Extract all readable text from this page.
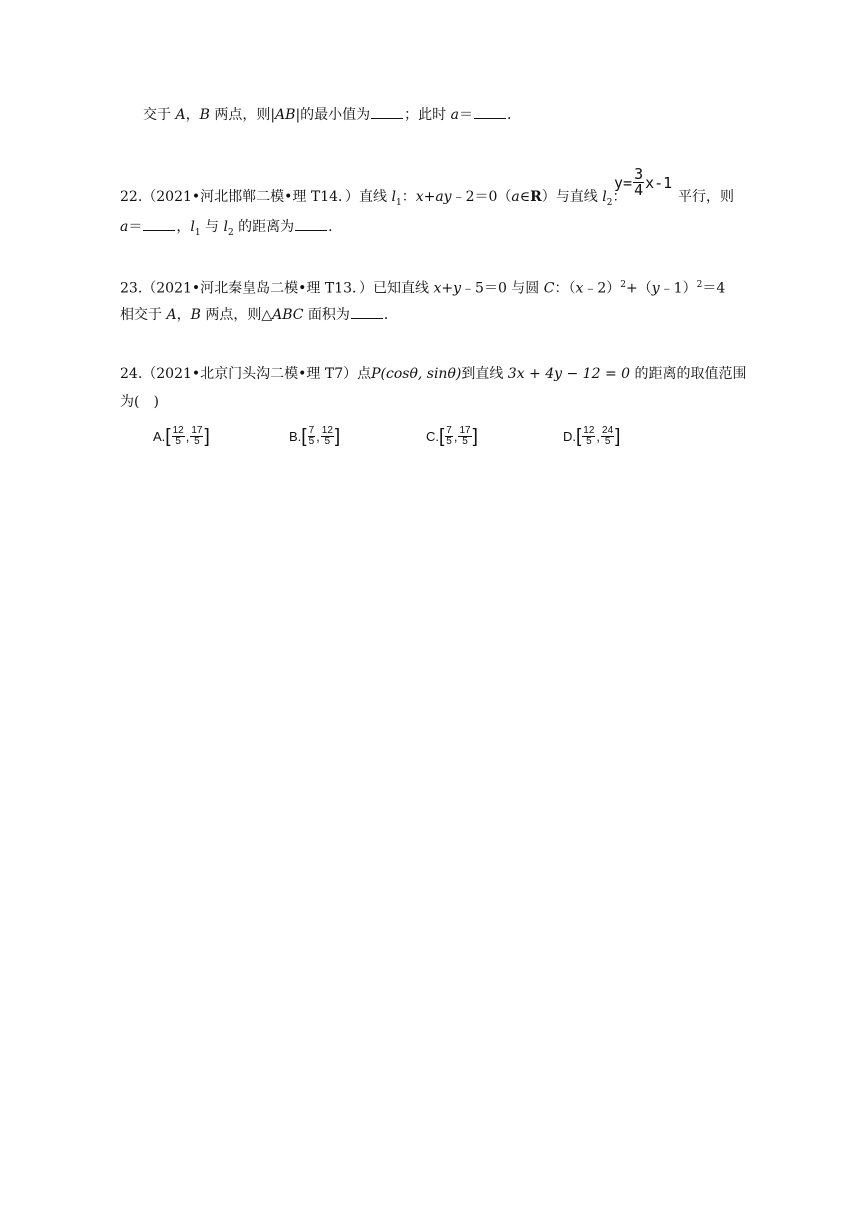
交于 A，B 两点，则|AB|的最小值为 ；此时 a＝ ．
22.（2021•河北邯郸二模•理 T14．）直线 $l_1$：x+ay﹣2＝0（a∈R）与直线 $l_2$：
$y= \frac{3}{4} x-1$
平行，则
a＝ ，$l_1$ 与 $l_2$ 的距离为 ．
23.（2021•河北秦皇岛二模•理 T13．）已知直线 x+y﹣5＝0 与圆 C：（x﹣2）$^2$+（y﹣1）$^2$＝4
相交于 A，B 两点，则△ABC 面积为 ．
24.（2021•北京门头沟二模•理 T7）点P(cosθ, sinθ)到直线 3x + 4y − 12 = 0 的距离的取值范围
为(　)
A. [ $\frac{12}{5}$ , $\frac{17}{5}$ ]	B. [ $\frac{7}{5}$ , $\frac{12}{5}$ ]	C. [ $\frac{7}{5}$ , $\frac{17}{5}$ ]	D. [ $\frac{12}{5}$ , $\frac{24}{5}$ ]
